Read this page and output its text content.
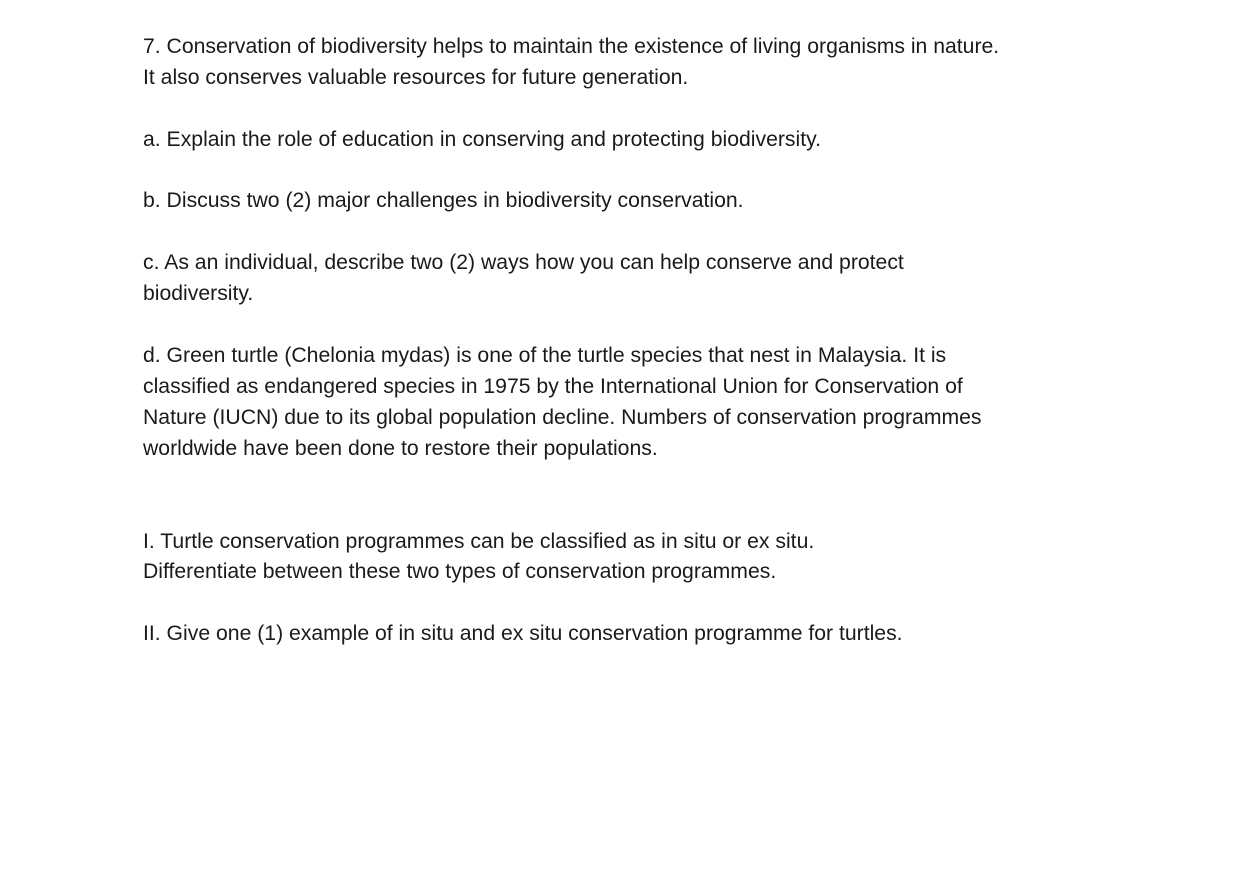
7. Conservation of biodiversity helps to maintain the existence of living organisms in nature.
It also conserves valuable resources for future generation.
a. Explain the role of education in conserving and protecting biodiversity.
b. Discuss two (2) major challenges in biodiversity conservation.
c. As an individual, describe two (2) ways how you can help conserve and protect
biodiversity.
d. Green turtle (Chelonia mydas) is one of the turtle species that nest in Malaysia. It is
classified as endangered species in 1975 by the International Union for Conservation of
Nature (IUCN) due to its global population decline. Numbers of conservation programmes
worldwide have been done to restore their populations.
I. Turtle conservation programmes can be classified as in situ or ex situ.
Differentiate between these two types of conservation programmes.
II. Give one (1) example of in situ and ex situ conservation programme for turtles.
